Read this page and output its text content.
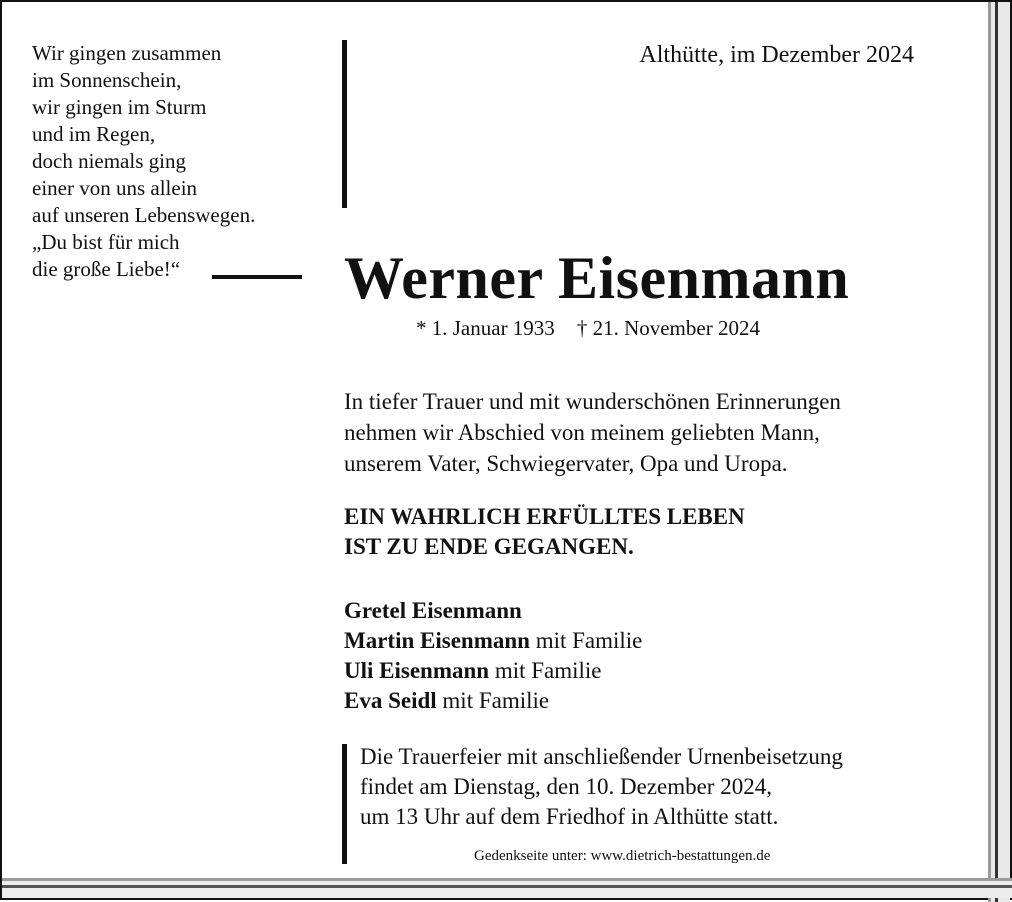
Wir gingen zusammen
im Sonnenschein,
wir gingen im Sturm
und im Regen,
doch niemals ging
einer von uns allein
auf unseren Lebenswegen.
„Du bist für mich
die große Liebe!“
Althütte, im Dezember 2024
Werner Eisenmann
* 1. Januar 1933 † 21. November 2024
In tiefer Trauer und mit wunderschönen Erinnerungen
nehmen wir Abschied von meinem geliebten Mann,
unserem Vater, Schwiegervater, Opa und Uropa.
EIN WAHRLICH ERFÜLLTES LEBEN
IST ZU ENDE GEGANGEN.
Gretel Eisenmann
Martin Eisenmann mit Familie
Uli Eisenmann mit Familie
Eva Seidl mit Familie
Die Trauerfeier mit anschließender Urnenbeisetzung
findet am Dienstag, den 10. Dezember 2024,
um 13 Uhr auf dem Friedhof in Althütte statt.
Gedenkseite unter: www.dietrich-bestattungen.de
